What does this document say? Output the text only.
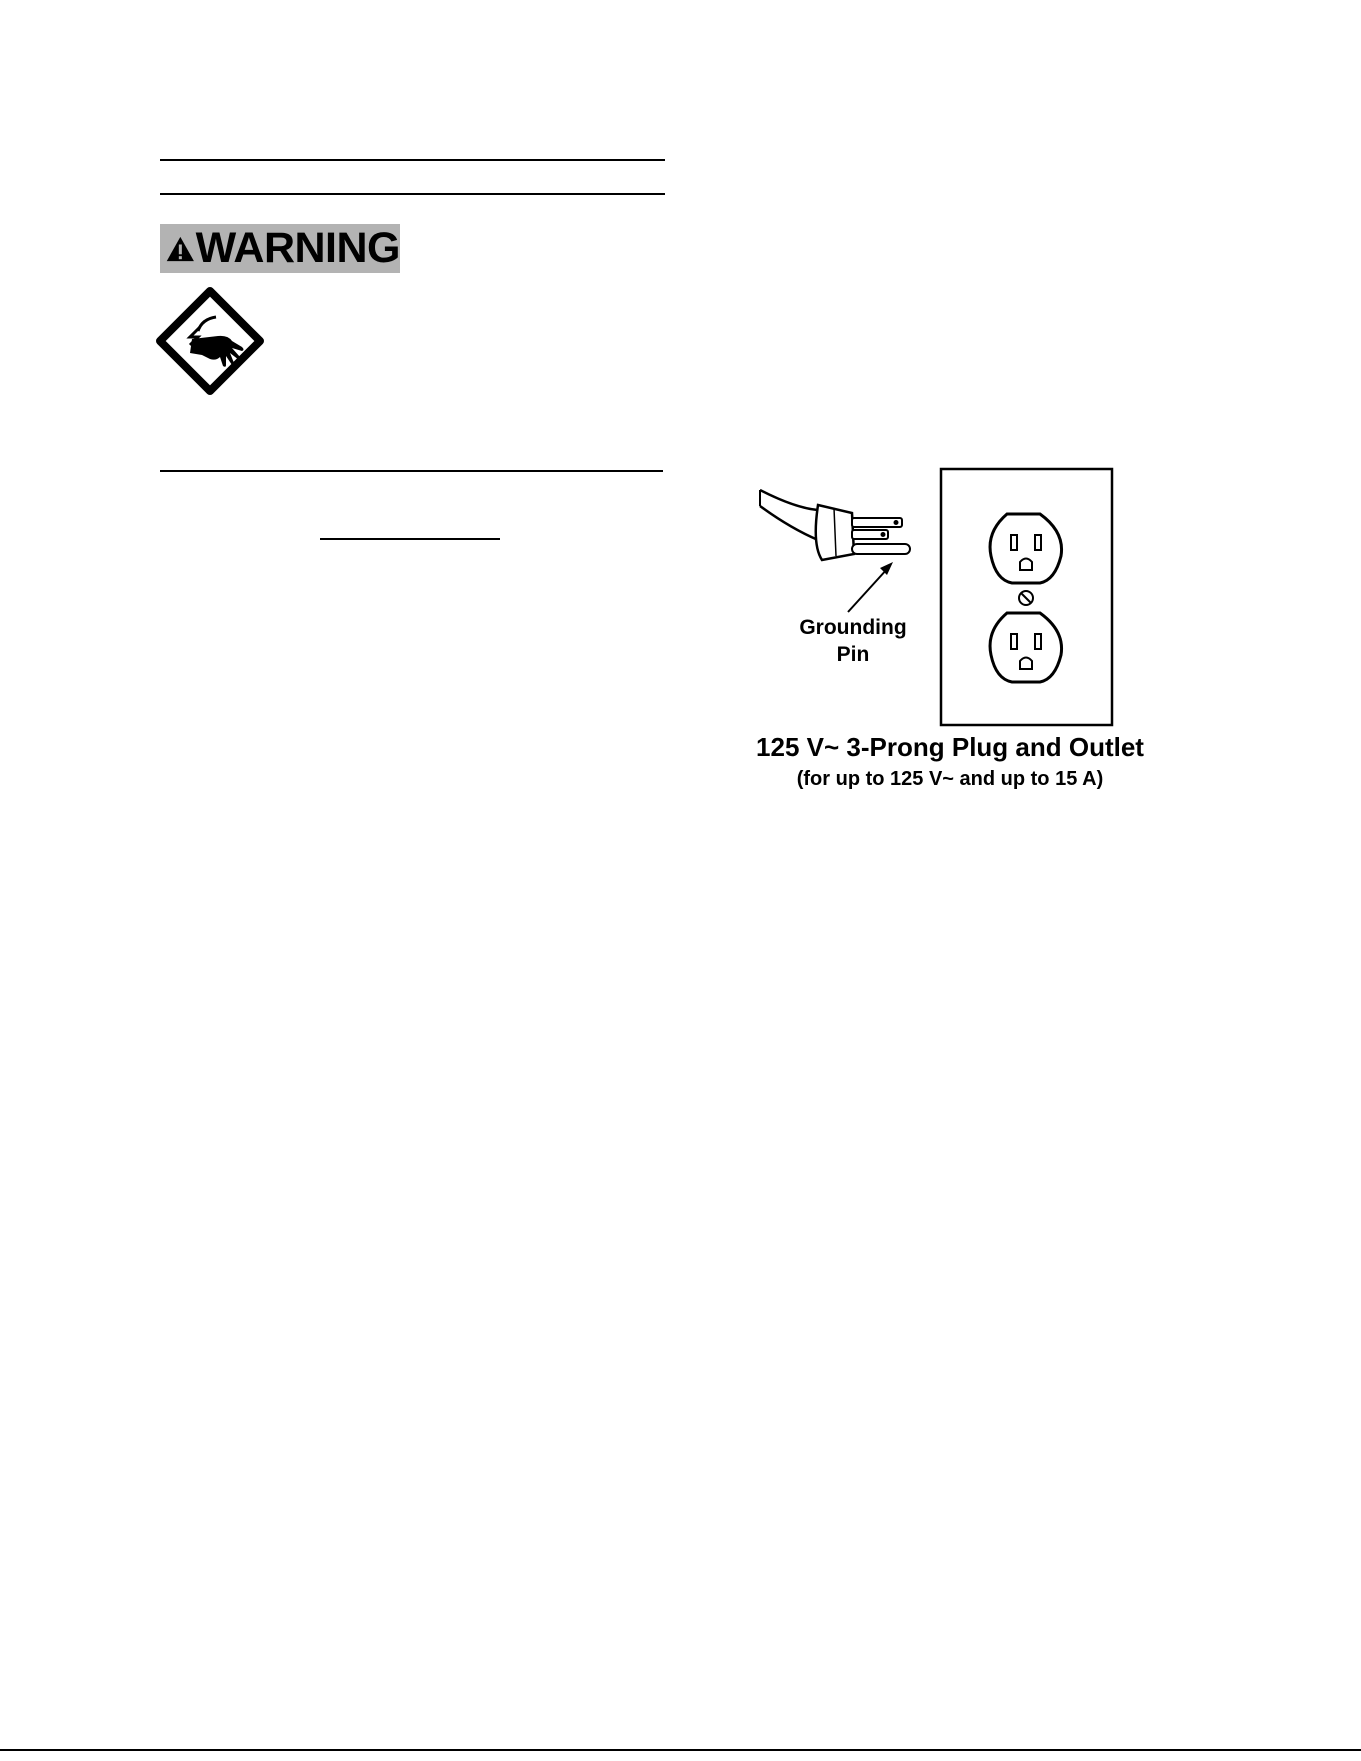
WARNING
Grounding
Pin
125 V~ 3-Prong Plug and Outlet
(for up to 125 V~ and up to 15 A)
